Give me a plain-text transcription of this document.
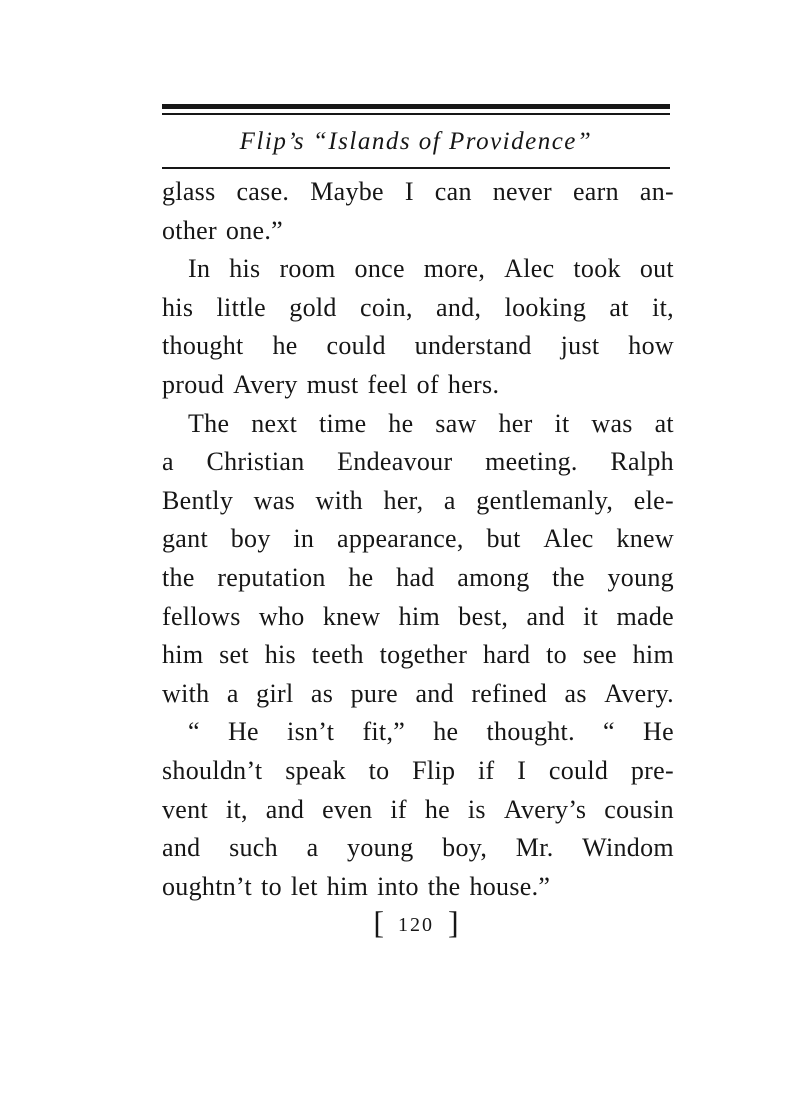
Flip’s “Islands of Providence”
glass case. Maybe I can never earn an-
other one.”
In his room once more, Alec took out
his little gold coin, and, looking at it,
thought he could understand just how
proud Avery must feel of hers.
The next time he saw her it was at
a Christian Endeavour meeting. Ralph
Bently was with her, a gentlemanly, ele-
gant boy in appearance, but Alec knew
the reputation he had among the young
fellows who knew him best, and it made
him set his teeth together hard to see him
with a girl as pure and refined as Avery.
“ He isn’t fit,” he thought. “ He
shouldn’t speak to Flip if I could pre-
vent it, and even if he is Avery’s cousin
and such a young boy, Mr. Windom
oughtn’t to let him into the house.”
[ 120 ]
